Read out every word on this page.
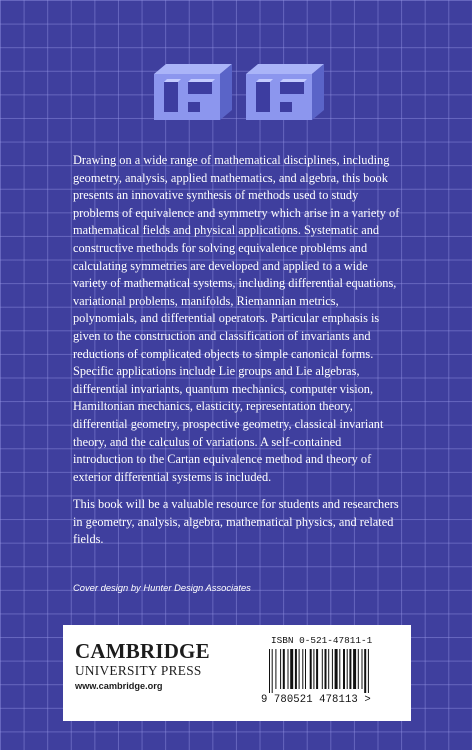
Drawing on a wide range of mathematical disciplines, including geometry, analysis, applied mathematics, and algebra, this book presents an innovative synthesis of methods used to study problems of equivalence and symmetry which arise in a variety of mathematical fields and physical applications. Systematic and constructive methods for solving equivalence problems and calculating symmetries are developed and applied to a wide variety of mathematical systems, including differential equations, variational problems, manifolds, Riemannian metrics, polynomials, and differential operators. Particular emphasis is given to the construction and classification of invariants and reductions of complicated objects to simple canonical forms. Specific applications include Lie groups and Lie algebras, differential invariants, quantum mechanics, computer vision, Hamiltonian mechanics, elasticity, representation theory, differential geometry, prospective geometry, classical invariant theory, and the calculus of variations. A self-contained introduction to the Cartan equivalence method and theory of exterior differential systems is included.

This book will be a valuable resource for students and researchers in geometry, analysis, algebra, mathematical physics, and related fields.

Cover design by Hunter Design Associates
CAMBRIDGE
UNIVERSITY PRESS
www.cambridge.org
ISBN 0-521-47811-1
9 780521 478113 >
